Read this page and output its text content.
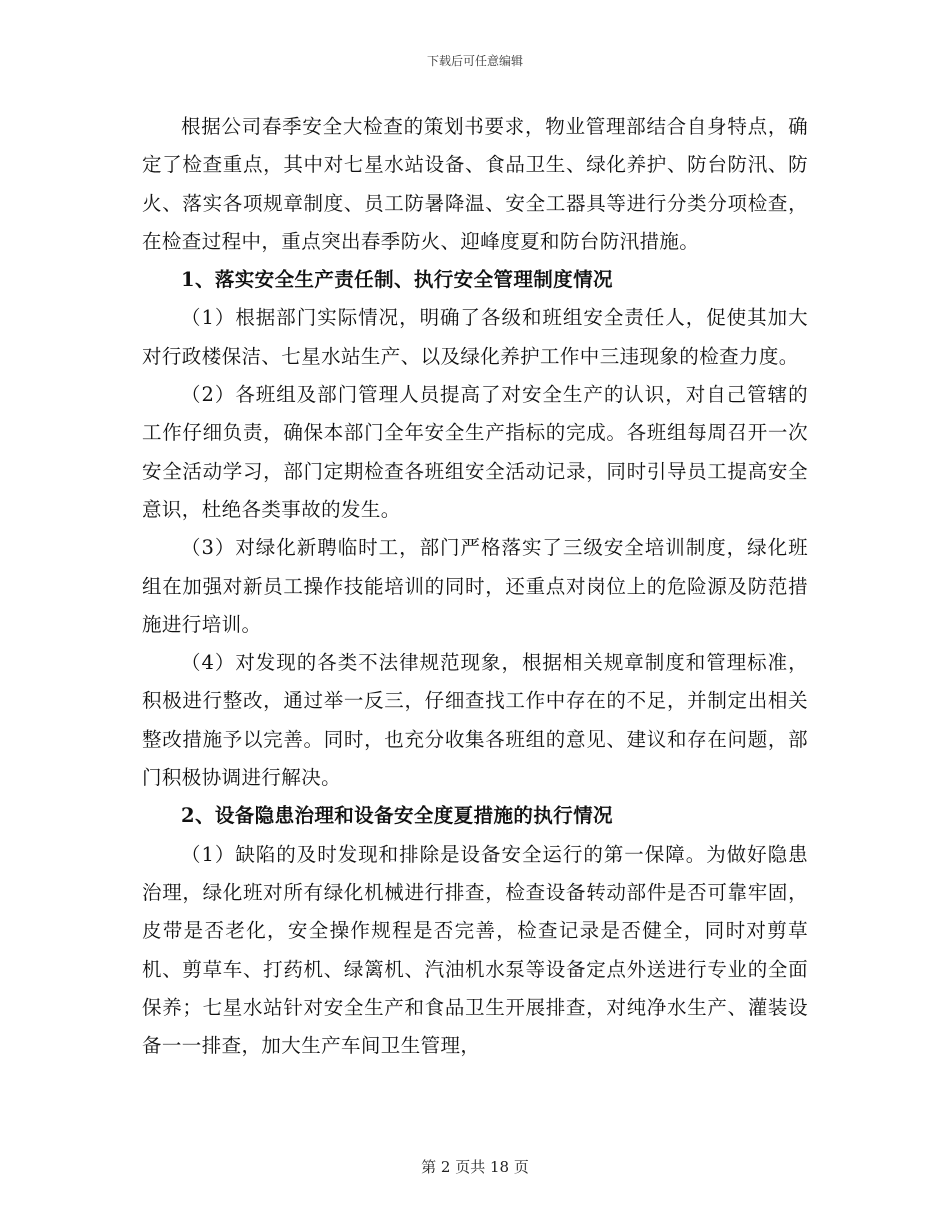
下载后可任意编辑

根据公司春季安全大检查的策划书要求，物业管理部结合自身特点，确定了检查重点，其中对七星水站设备、食品卫生、绿化养护、防台防汛、防火、落实各项规章制度、员工防暑降温、安全工器具等进行分类分项检查，在检查过程中，重点突出春季防火、迎峰度夏和防台防汛措施。

1、落实安全生产责任制、执行安全管理制度情况

（1）根据部门实际情况，明确了各级和班组安全责任人，促使其加大对行政楼保洁、七星水站生产、以及绿化养护工作中三违现象的检查力度。

（2）各班组及部门管理人员提高了对安全生产的认识，对自己管辖的工作仔细负责，确保本部门全年安全生产指标的完成。各班组每周召开一次安全活动学习，部门定期检查各班组安全活动记录，同时引导员工提高安全意识，杜绝各类事故的发生。

（3）对绿化新聘临时工，部门严格落实了三级安全培训制度，绿化班组在加强对新员工操作技能培训的同时，还重点对岗位上的危险源及防范措施进行培训。

（4）对发现的各类不法律规范现象，根据相关规章制度和管理标准，积极进行整改，通过举一反三，仔细查找工作中存在的不足，并制定出相关整改措施予以完善。同时，也充分收集各班组的意见、建议和存在问题，部门积极协调进行解决。

2、设备隐患治理和设备安全度夏措施的执行情况

（1）缺陷的及时发现和排除是设备安全运行的第一保障。为做好隐患治理，绿化班对所有绿化机械进行排查，检查设备转动部件是否可靠牢固，皮带是否老化，安全操作规程是否完善，检查记录是否健全，同时对剪草机、剪草车、打药机、绿篱机、汽油机水泵等设备定点外送进行专业的全面保养；七星水站针对安全生产和食品卫生开展排查，对纯净水生产、灌装设备一一排查，加大生产车间卫生管理，

第 2 页共 18 页
